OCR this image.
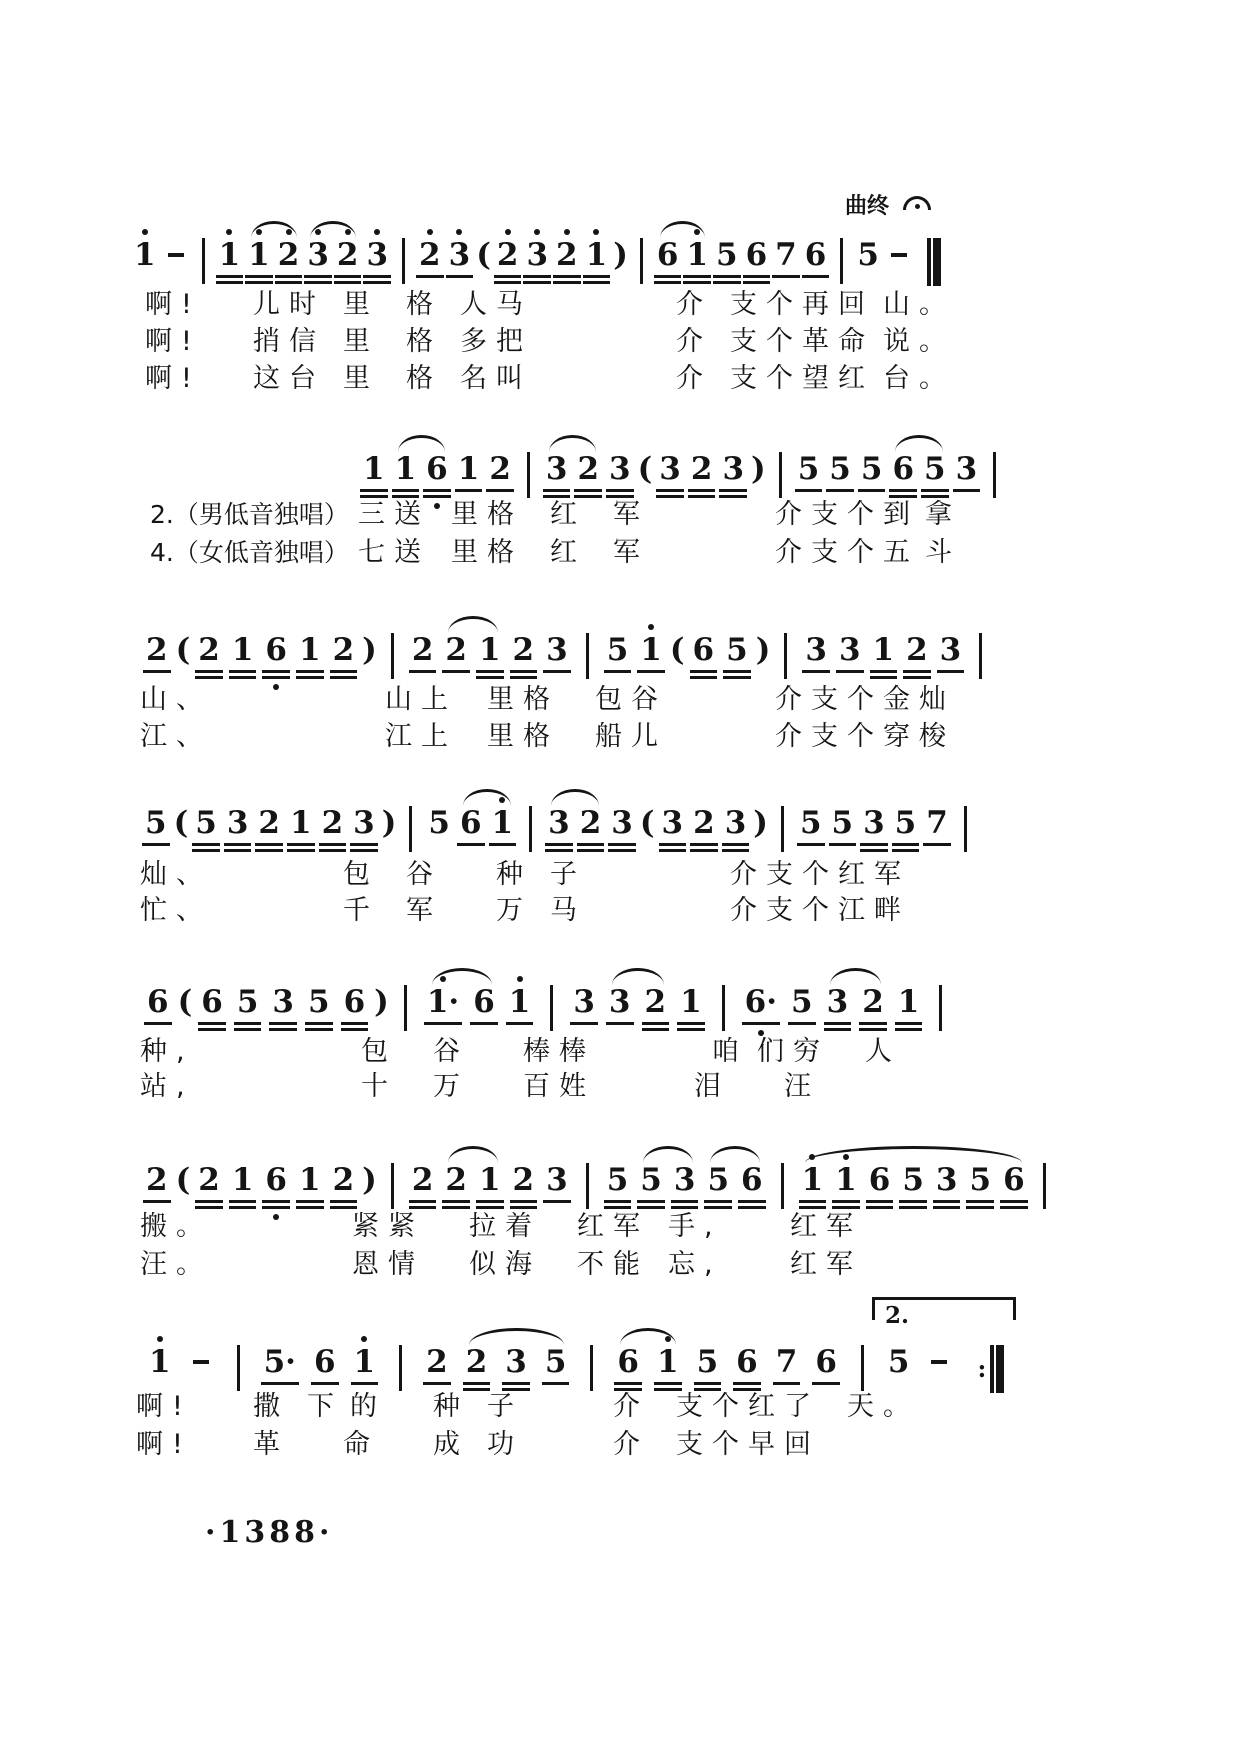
1 1 1 2 3 2 3 2 3 ( 2 3 2 1 ) 6 1 5 6 7 6 5
曲终
啊! 儿时 里 格 人马	介 支个再回 山。
啊! 捎信 里 格 多把	介 支个革命 说。
啊! 这台 里 格 名叫	介 支个望红 台。
1 1 6 1 2 3 2 3 ( 3 2 3 ) 5 5 5 6 5 3
2.（男低音独唱） 三送 里格 红 军	介支个到 拿
4.（女低音独唱） 七送 里格 红 军	介支个五 斗
2 ( 2 1 6 1 2 ) 2 2 1 2 3 5 1 ( 6 5 ) 3 3 1 2 3
山、	山上 里格 包谷	介支个金灿
江、	江上 里格 船儿	介支个穿梭
5 ( 5 3 2 1 2 3 ) 5 6 1 3 2 3 ( 3 2 3 ) 5 5 3 5 7
灿、	包 谷 种 子	介支个红军
忙、	千 军 万 马	介支个江畔
6 ( 6 5 3 5 6 ) 1· 6 1 3 3 2 1 6· 5 3 2 1
种,	包 谷 棒棒	咱 们穷 人
站,	十 万 百姓	泪 汪
2 ( 2 1 6 1 2 ) 2 2 1 2 3 5 5 3 5 6 1 1 6 5 3 5 6
搬。	紧紧 拉着 红军 手,	红军
汪。	恩情 似海 不能 忘,	红军
1	5· 6 1 2 2 3 5 6 1 5 6 7 6 5	:
2.
啊! 撒 下 的 种 子	介 支个红了 天。
啊! 革 命 成 功	介 支个早回
·1388·
